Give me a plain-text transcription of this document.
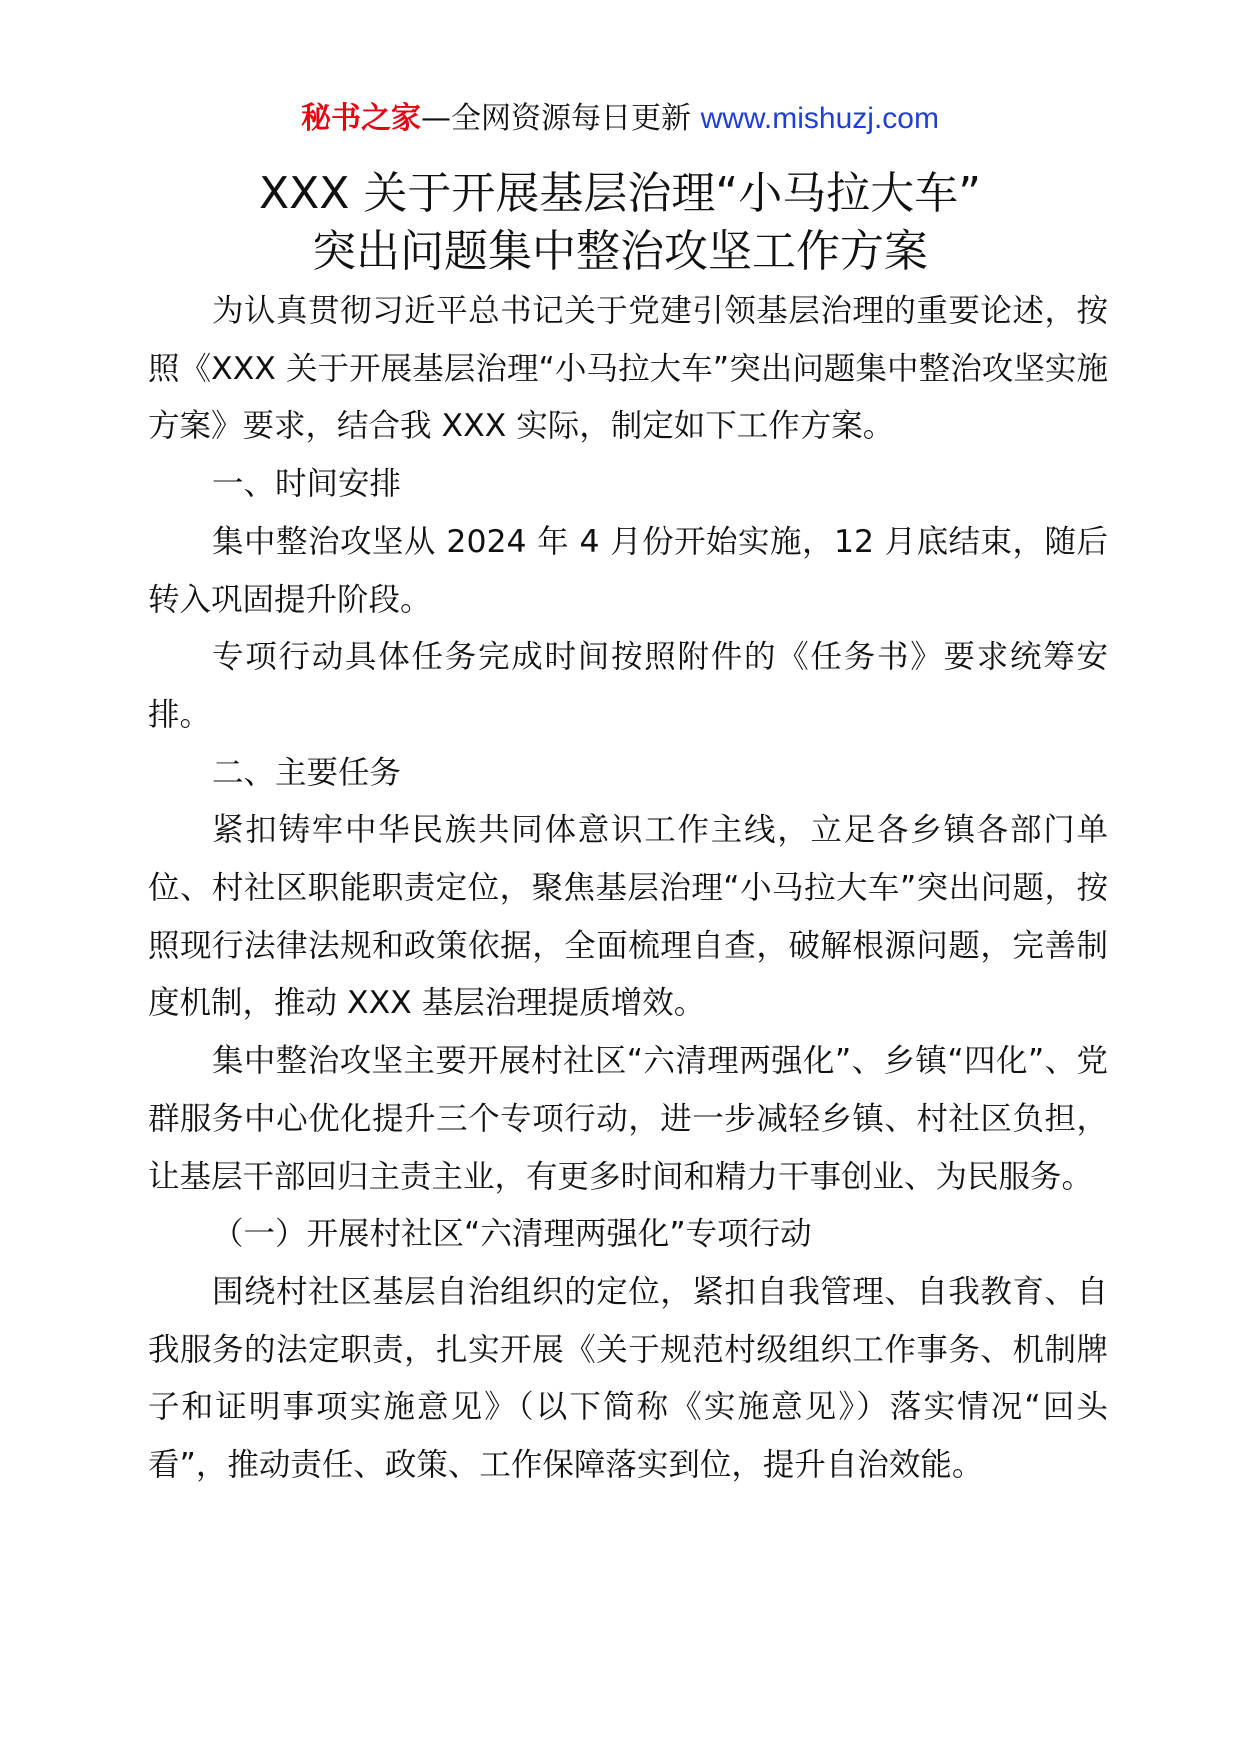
秘书之家—全网资源每日更新 www.mishuzj.com
XXX 关于开展基层治理“小马拉大车”
突出问题集中整治攻坚工作方案

为认真贯彻习近平总书记关于党建引领基层治理的重要论述，按照《XXX 关于开展基层治理“小马拉大车”突出问题集中整治攻坚实施方案》要求，结合我 XXX 实际，制定如下工作方案。

一、时间安排

集中整治攻坚从 2024 年 4 月份开始实施，12 月底结束，随后转入巩固提升阶段。

专项行动具体任务完成时间按照附件的《任务书》要求统筹安排。

二、主要任务

紧扣铸牢中华民族共同体意识工作主线，立足各乡镇各部门单位、村社区职能职责定位，聚焦基层治理“小马拉大车”突出问题，按照现行法律法规和政策依据，全面梳理自查，破解根源问题，完善制度机制，推动 XXX 基层治理提质增效。

集中整治攻坚主要开展村社区“六清理两强化”、乡镇“四化”、党群服务中心优化提升三个专项行动，进一步减轻乡镇、村社区负担，让基层干部回归主责主业，有更多时间和精力干事创业、为民服务。

（一）开展村社区“六清理两强化”专项行动

围绕村社区基层自治组织的定位，紧扣自我管理、自我教育、自我服务的法定职责，扎实开展《关于规范村级组织工作事务、机制牌子和证明事项实施意见》（以下简称《实施意见》）落实情况“回头看”，推动责任、政策、工作保障落实到位，提升自治效能。
